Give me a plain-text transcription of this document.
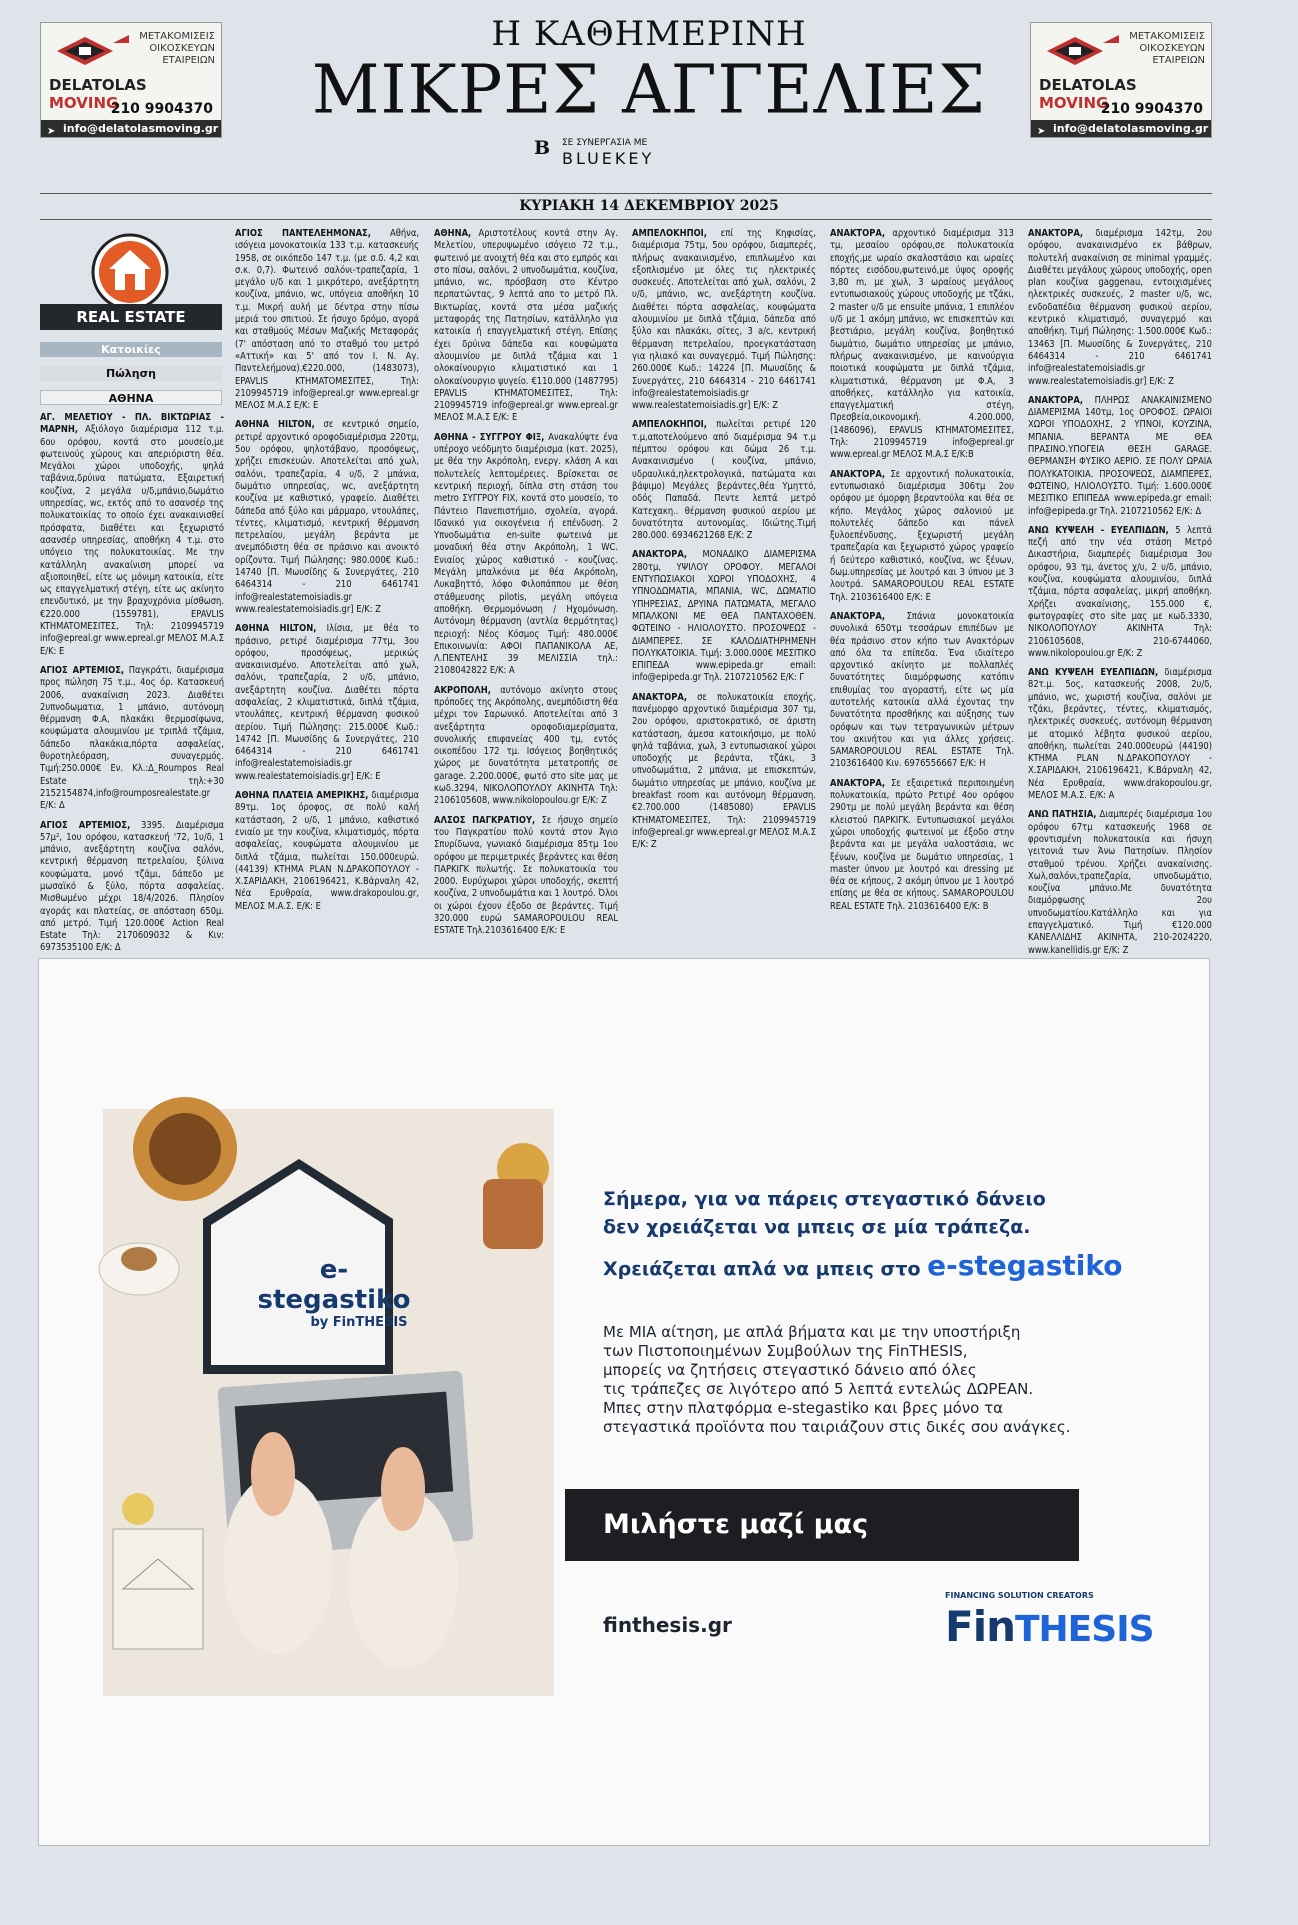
ΜΕΤΑΚΟΜΙΣΕΙΣ ΟΙΚΟΣΚΕΥΩΝ ΕΤΑΙΡΕΙΩΝ
DELATOLAS
MOVING
210 9904370
➤ info@delatolasmoving.gr
ΜΕΤΑΚΟΜΙΣΕΙΣ ΟΙΚΟΣΚΕΥΩΝ ΕΤΑΙΡΕΙΩΝ
DELATOLAS
MOVING
210 9904370
➤ info@delatolasmoving.gr
Η ΚΑΘΗΜΕΡΙΝΗ
ΜΙΚΡΕΣ ΑΓΓΕΛΙΕΣ
B ΣΕ ΣΥΝΕΡΓΑΣΙΑ ΜΕ
BLUEKEY
ΚΥΡΙΑΚΗ 14 ΔΕΚΕΜΒΡΙΟΥ 2025
REAL ESTATE
Κατοικίες
Πώληση
ΑΘΗΝΑ

ΑΓ. ΜΕΛΕΤΙΟΥ - ΠΛ. ΒΙΚΤΩΡΙΑΣ - ΜΑΡΝΗ, Αξιόλογο διαμέρισμα 112 τ.μ. 6ου ορόφου, κοντά στο μουσείο,με φωτεινούς χώρους και απεριόριστη θέα. Μεγάλοι χώροι υποδοχής, ψηλά ταβάνια,δρύινα πατώματα, Εξαιρετική κουζίνα, 2 μεγάλα υ/δ,μπάνιο,δωμάτιο υπηρεσίας, wc, εκτός από το ασανσέρ της πολυκατοικίας το οποίο έχει ανακαινισθεί πρόσφατα, διαθέτει και ξεχωριστό ασανσέρ υπηρεσίας, αποθήκη 4 τ.μ. στο υπόγειο της πολυκατοικίας. Με την κατάλληλη ανακαίνιση μπορεί να αξιοποιηθεί, είτε ως μόνιμη κατοικία, είτε ως επαγγελματική στέγη, είτε ως ακίνητο επενδυτικό, με την βραχυχρόνια μίσθωση. €220.000 (1559781), EPAVLIS KTHMATOMEΣΙΤΕΣ, Τηλ: 2109945719 info@epreal.gr www.epreal.gr ΜΕΛΟΣ Μ.Α.Σ E/K: E

ΑΓΙΟΣ ΑΡΤΕΜΙΟΣ, Παγκράτι, διαμέρισμα προς πώληση 75 τ.μ., 4ος όρ. Κατασκευή 2006, ανακαίνιση 2023. Διαθέτει 2υπνοδωματια, 1 μπάνιο, αυτόνομη θέρμανση Φ.Α, πλακάκι θερμοσίφωνα, κουφώματα αλουμινίου με τριπλά τζάμια, δάπεδο πλακάκια,πόρτα ασφαλείας, θυροτηλεόραση, συναγερμός. Τιμή:250.000€ Εν. Κλ.:Δ_Roumpos Real Estate τηλ:+30 2152154874,info@roumposrealestate.gr E/K: Δ

ΑΓΙΟΣ ΑΡΤΕΜΙΟΣ, 3395. Διαμέρισμα 57μ², 1ου ορόφου, κατασκευή '72, 1υ/δ, 1 μπάνιο, ανεξάρτητη κουζίνα σαλόνι, κεντρική θέρμανση πετρελαίου, ξύλινα κουφώματα, μονό τζάμι, δάπεδο με μωσαϊκό & ξύλο, πόρτα ασφαλείας. Μισθωμένο μέχρι 18/4/2026. Πλησίον αγοράς και πλατείας, σε απόσταση 650μ. από μετρό. Τιμή 120.000€ Action Real Estate Τηλ: 2170609032 & Κιν: 6973535100 E/K: Δ

ΑΓΙΟΣ ΠΑΝΤΕΛΕΗΜΟΝΑΣ, Αθήνα, ισόγεια μονοκατοικία 133 τ.μ. κατασκευής 1958, σε οικόπεδο 147 τ.μ. (με σ.δ. 4,2 και σ.κ. 0,7). Φωτεινό σαλόνι-τραπεζαρία, 1 μεγάλο υ/δ και 1 μικρότερο, ανεξάρτητη κουζίνα, μπάνιο, wc, υπόγεια αποθήκη 10 τ.μ. Μικρή αυλή με δέντρα στην πίσω μεριά του σπιτιού. Σε ήσυχο δρόμο, αγορά και σταθμούς Μέσων Μαζικής Μεταφοράς (7' απόσταση από το σταθμό του μετρό «Αττική» και 5' από τον Ι. Ν. Αγ. Παντελεήμονα).€220.000, (1483073), EPAVLIS KTHMATOMEΣΙΤΕΣ, Τηλ: 2109945719 info@epreal.gr www.epreal.gr ΜΕΛΟΣ Μ.Α.Σ E/K: E

ΑΘΗΝΑ HILTON, σε κεντρικό σημείο, ρετιρέ αρχοντικό οροφοδιαμέρισμα 220τμ, 5ου ορόφου, ψηλοτάβανο, προσόψεως, χρήζει επισκευών. Αποτελείται από χωλ, σαλόνι, τραπεζαρία, 4 υ/δ, 2 μπάνια, δωμάτιο υπηρεσίας, wc, ανεξάρτητη κουζίνα με καθιστικό, γραφείο. Διαθέτει δάπεδα από ξύλο και μάρμαρο, ντουλάπες, τέντες, κλιματισμό, κεντρική θέρμανση πετρελαίου, μεγάλη βεράντα με ανεμπόδιστη θέα σε πράσινο και ανοικτό ορίζοντα. Τιμή Πώλησης: 980.000€ Κωδ.: 14740 [Π. Μωυσίδης & Συνεργάτες, 210 6464314 - 210 6461741 info@realestatemoisiadis.gr www.realestatemoisiadis.gr] E/K: Z

ΑΘΗΝΑ HILTON, Ιλίσια, με θέα το πράσινο, ρετιρέ διαμέρισμα 77τμ, 3ου ορόφου, προσόψεως, μερικώς ανακαινισμένο. Αποτελείται από χωλ, σαλόνι, τραπεζαρία, 2 υ/δ, μπάνιο, ανεξάρτητη κουζίνα. Διαθέτει πόρτα ασφαλείας, 2 κλιματιστικά, διπλά τζάμια, ντουλάπες, κεντρική θέρμανση φυσικού αερίου. Τιμή Πώλησης: 215.000€ Κωδ.: 14742 [Π. Μωυσίδης & Συνεργάτες, 210 6464314 - 210 6461741 info@realestatemoisiadis.gr www.realestatemoisiadis.gr] E/K: E

ΑΘΗΝΑ ΠΛΑΤΕΙΑ ΑΜΕΡΙΚΗΣ, διαμέρισμα 89τμ. 1ος όροφος, σε πολύ καλή κατάσταση, 2 υ/δ, 1 μπάνιο, καθιστικό ενιαίο με την κουζίνα, κλιματισμός, πόρτα ασφαλείας, κουφώματα αλουμινίου με διπλά τζάμια, πωλείται 150.000ευρώ. (44139) ΚΤΗΜΑ PLAN Ν.ΔΡΑΚΟΠΟΥΛΟΥ - Χ.ΣΑΡΙΔΑΚΗ, 2106196421, Κ.Βάρναλη 42, Νέα Ερυθραία, www.drakopoulou.gr, ΜΕΛΟΣ Μ.Α.Σ. E/K: E

ΑΘΗΝΑ, Αριστοτέλους κοντά στην Αγ. Μελετίου, υπερυψωμένο ισόγειο 72 τ.μ., φωτεινό με ανοιχτή θέα και στο εμπρός και στο πίσω, σαλόνι, 2 υπνοδωμάτια, κουζίνα, μπάνιο, wc, πρόσβαση στο Κέντρο περπατώντας, 9 λεπτά απο το μετρό Πλ. Βικτωρίας, κοντά στα μέσα μαζικής μεταφοράς της Πατησίων, κατάλληλο για κατοικία ή επαγγελματική στέγη. Επίσης έχει δρύινα δάπεδα και κουφώματα αλουμινίου με διπλά τζάμια και 1 ολοκαίνουργιο κλιματιστικό και 1 ολοκαίνουργιο ψυγείο. €110.000 (1487795) EPAVLIS KTHMATOMEΣΙΤΕΣ, Τηλ: 2109945719 info@epreal.gr www.epreal.gr ΜΕΛΟΣ Μ.Α.Σ E/K: E

ΑΘΗΝΑ - ΣΥΓΓΡΟΥ ΦΙΞ, Ανακαλύψτε ένα υπέροχο νεόδμητο διαμέρισμα (κατ. 2025), με θέα την Ακρόπολη, ενεργ. κλάση Α και πολυτελείς λεπτομέρειες. Βρίσκεται σε κεντρική περιοχή, δίπλα στη στάση του metro ΣΥΓΓΡΟΥ FIX, κοντά στο μουσείο, το Πάντειο Πανεπιστήμιο, σχολεία, αγορά. Ιδανικό για οικογένεια ή επένδυση. 2 Υπνοδωμάτια en-suite φωτεινά με μοναδική θέα στην Ακρόπολη, 1 WC. Ενιαίος χώρος καθιστικό - κουζίνας. Μεγάλη μπαλκόνια με θέα Ακρόπολη, Λυκαβηττό, λόφο Φιλοπάππου με θέση στάθμευσης pilotis, μεγάλη υπόγεια αποθήκη. Θερμομόνωση / Ηχομόνωση. Αυτόνομη θέρμανση (αντλία θερμότητας) περιοχή: Νέος Κόσμος Τιμή: 480.000€ Επικοινωνία: ΑΦΟΙ ΠΑΠΑΝΙΚΟΛΑ ΑΕ, Λ.ΠΕΝΤΕΛΗΣ 39 ΜΕΛΙΣΣΙΑ τηλ.: 2108042822 E/K: A

ΑΚΡΟΠΟΛΗ, αυτόνομο ακίνητο στους πρόποδες της Ακρόπολης, ανεμπόδιστη θέα μέχρι τον Σαρωνικό. Αποτελείται από 3 ανεξάρτητα οροφοδιαμερίσματα, συνολικής επιφανείας 400 τμ, εντός οικοπέδου 172 τμ. Ισόγειος βοηθητικός χώρος με δυνατότητα μετατροπής σε garage. 2.200.000€, φωτό στο site μας με κωδ.3294, ΝΙΚΟΛΟΠΟΥΛΟΥ ΑΚΙΝΗΤΑ Τηλ: 2106105608, www.nikolopoulou.gr E/K: Z

ΑΛΣΟΣ ΠΑΓΚΡΑΤΙΟΥ, Σε ήσυχο σημείο του Παγκρατίου πολύ κοντά στον Άγιο Σπυρίδωνα, γωνιακό διαμέρισμα 85τμ 1ου ορόφου με περιμετρικές βεράντες και θέση ΠΑΡΚΙΓΚ πυλωτής. Σε πολυκατοικία του 2000. Ευρύχωροι χώροι υποδοχής, σκεπτή κουζίνα, 2 υπνοδωμάτια και 1 λουτρό. Όλοι οι χώροι έχουν έξοδο σε βεράντες. Τιμή 320.000 ευρώ SAMAROPOULOU REAL ESTATE Τηλ.2103616400 E/K: E

ΑΜΠΕΛΟΚΗΠΟΙ, επί της Κηφισίας, διαμέρισμα 75τμ, 5ου ορόφου, διαμπερές, πλήρως ανακαινισμένο, επιπλωμένο και εξοπλισμένο με όλες τις ηλεκτρικές συσκευές. Αποτελείται από χωλ, σαλόνι, 2 υ/δ, μπάνιο, wc, ανεξάρτητη κουζίνα. Διαθέτει πόρτα ασφαλείας, κουφώματα αλουμινίου με διπλά τζάμια, δάπεδα από ξύλο και πλακάκι, σίτες, 3 a/c, κεντρική θέρμανση πετρελαίου, προεγκατάσταση για ηλιακό και συναγερμό. Τιμή Πώλησης: 260.000€ Κωδ.: 14224 [Π. Μωυσίδης & Συνεργάτες, 210 6464314 - 210 6461741 info@realestatemoisiadis.gr www.realestatemoisiadis.gr] E/K: Z

ΑΜΠΕΛΟΚΗΠΟΙ, πωλείται ρετιρέ 120 τ.μ,αποτελούμενο από διαμέρισμα 94 τ.μ πέμπτου ορόφου και δώμα 26 τ.μ. Ανακαινισμένο ( κουζίνα, μπάνιο, υδραυλικά,ηλεκτρολογικά, πατώματα και βάψιμο) Μεγάλες βεράντες,θέα Υμηττό, οδός Παπαδά. Πεντε λεπτά μετρό Κατεχακη.. θέρμανση φυσικού αερίου με δυνατότητα αυτονομίας. Ιδιώτης.Τιμή 280.000. 6934621268 E/K: Z

ΑΝΑΚΤΟΡΑ, ΜΟΝΑΔΙΚΟ ΔΙΑΜΕΡΙΣΜΑ 280τμ, ΥΨΙΛΟΥ ΟΡΟΦΟΥ. ΜΕΓΑΛΟΙ ΕΝΤΥΠΩΣΙΑΚΟΙ ΧΩΡΟΙ ΥΠΟΔΟΧΗΣ, 4 ΥΠΝΟΔΩΜΑΤΙΑ, ΜΠΑΝΙΑ, WC, ΔΩΜΑΤΙΟ ΥΠΗΡΕΣΙΑΣ, ΔΡΥΙΝΑ ΠΑΤΩΜΑΤΑ, ΜΕΓΑΛΟ ΜΠΑΛΚΟΝΙ ΜΕ ΘΕΑ ΠΑΝΤΑΧΟΘΕΝ. ΦΩΤΕΙΝΟ - ΗΛΙΟΛΟΥΣΤΟ. ΠΡΟΣΟΨΕΩΣ - ΔΙΑΜΠΕΡΕΣ. ΣΕ ΚΑΛΟΔΙΑΤΗΡΗΜΕΝΗ ΠΟΛΥΚΑΤΟΙΚΙΑ. Τιμή: 3.000.000€ ΜΕΣΙΤΙΚΟ ΕΠΙΠΕΔΑ www.epipeda.gr email: info@epipeda.gr Τηλ. 2107210562 E/K: Γ

ΑΝΑΚΤΟΡΑ, σε πολυκατοικία εποχής, πανέμορφο αρχοντικό διαμέρισμα 307 τμ, 2ου ορόφου, αριστοκρατικό, σε άριστη κατάσταση, άμεσα κατοικήσιμο, με πολύ ψηλά ταβάνια, χωλ, 3 εντυπωσιακοί χώροι υποδοχής με βεράντα, τζάκι, 3 υπνοδωμάτια, 2 μπάνια, με επισκεπτών, δωμάτιο υπηρεσίας με μπάνιο, κουζίνα με breakfast room και αυτόνομη θέρμανση. €2.700.000 (1485080) EPAVLIS KTHMATOMEΣΙΤΕΣ, Τηλ: 2109945719 info@epreal.gr www.epreal.gr ΜΕΛΟΣ Μ.Α.Σ E/K: Z

ΑΝΑΚΤΟΡΑ, αρχοντικό διαμέρισμα 313 τμ, μεσαίου ορόφου,σε πολυκατοικία εποχής,με ωραίο σκαλοστάσιο και ωραίες πόρτες εισόδου,φωτεινό,με ύψος οροφής 3,80 m, με χωλ, 3 ωραίους μεγάλους εντυπωσιακούς χώρους υποδοχής με τζάκι, 2 master υ/δ με ensuite μπάνια, 1 επιπλέον υ/δ με 1 ακόμη μπάνιο, wc επισκεπτών και βεστιάριο, μεγάλη κουζίνα, βοηθητικό δωμάτιο, δωμάτιο υπηρεσίας με μπάνιο, πλήρως ανακαινισμένο, με καινούργια ποιοτικά κουφώματα με διπλά τζάμια, κλιματιστικά, θέρμανση με Φ.Α, 3 αποθήκες, κατάλληλο για κατοικία, επαγγελματική στέγη, Πρεσβεία,οικονομική. 4.200.000,(1486096), EPAVLIS KTHMATOMEΣΙΤΕΣ, Τηλ: 2109945719 info@epreal.gr www.epreal.gr ΜΕΛΟΣ Μ.Α.Σ E/K:B

ΑΝΑΚΤΟΡΑ, Σε αρχοντική πολυκατοικία, εντυπωσιακό διαμέρισμα 306τμ 2ου ορόφου με όμορφη βεραντούλα και θέα σε κήπο. Μεγάλος χώρος σαλονιού με πολυτελές δάπεδο και πάνελ ξυλοεπένδυσης, ξεχωριστή μεγάλη τραπεζαρία και ξεχωριστό χώρος γραφείο ή δεύτερο καθιστικό, κουζίνα, wc ξένων, δωμ.υπηρεσίας με λουτρό και 3 ύπνου με 3 λουτρά. SAMAROPOULOU REAL ESTATE Τηλ. 2103616400 E/K: E

ΑΝΑΚΤΟΡΑ, Σπάνια μονοκατοικία συνολικά 650τμ τεσσάρων επιπέδων με θέα πράσινο στον κήπο των Ανακτόρων από όλα τα επίπεδα. Ένα ιδιαίτερο αρχοντικό ακίνητο με πολλαπλές δυνατότητες διαμόρφωσης κατόπιν επιθυμίας του αγοραστή, είτε ως μία αυτοτελής κατοικία αλλά έχοντας την δυνατότητα προσθήκης και αύξησης των ορόφων και των τετραγωνικών μέτρων του ακινήτου και για άλλες χρήσεις. SAMAROPOULOU REAL ESTATE Τηλ. 2103616400 Κιν. 6976556667 E/K: H

ΑΝΑΚΤΟΡΑ, Σε εξαιρετικά περιποιημένη πολυκατοικία, πρώτο Ρετιρέ 4ου ορόφου 290τμ με πολύ μεγάλη βεράντα και θέση κλειστού ΠΑΡΚΙΓΚ. Εντυπωσιακοί μεγάλοι χώροι υποδοχής φωτεινοί με έξοδο στην βεράντα και με μεγάλα υαλοστάσια, wc ξένων, κουζίνα με δωμάτιο υπηρεσίας, 1 master ύπνου με λουτρό και dressing με θέα σε κήπους, 2 ακόμη ύπνου με 1 λουτρό επίσης με θέα σε κήπους. SAMAROPOULOU REAL ESTATE Τηλ. 2103616400 E/K: B

ΑΝΑΚΤΟΡΑ, διαμέρισμα 142τμ, 2ου ορόφου, ανακαινισμένο εκ βάθρων, πολυτελή ανακαίνιση σε minimal γραμμές. Διαθέτει μεγάλους χώρους υποδοχής, open plan κουζίνα gaggenau, εντοιχισμένες ηλεκτρικές συσκευές, 2 master υ/δ, wc, ενδοδαπέδια θέρμανση φυσικού αερίου, κεντρικό κλιματισμό, συναγερμό και αποθήκη. Τιμή Πώλησης: 1.500.000€ Κωδ.: 13463 [Π. Μωυσίδης & Συνεργάτες, 210 6464314 - 210 6461741 info@realestatemoisiadis.gr www.realestatemoisiadis.gr] E/K: Z

ΑΝΑΚΤΟΡΑ, ΠΛΗΡΩΣ ΑΝΑΚΑΙΝΙΣΜΕΝΟ ΔΙΑΜΕΡΙΣΜΑ 140τμ, 1ος ΟΡΟΦΟΣ. ΩΡΑΙΟΙ ΧΩΡΟΙ ΥΠΟΔΟΧΗΣ, 2 ΥΠΝΟΙ, ΚΟΥΖΙΝΑ, ΜΠΑΝΙΑ. ΒΕΡΑΝΤΑ ΜΕ ΘΕΑ ΠΡΑΣΙΝΟ.ΥΠΟΓΕΙΑ ΘΕΣΗ GARAGE. ΘΕΡΜΑΝΣΗ ΦΥΣΙΚΟ ΑΕΡΙΟ. ΣΕ ΠΟΛΥ ΩΡΑΙΑ ΠΟΛΥΚΑΤΟΙΚΙΑ. ΠΡΟΣΟΨΕΩΣ, ΔΙΑΜΠΕΡΕΣ, ΦΩΤΕΙΝΟ, ΗΛΙΟΛΟΥΣΤΟ. Τιμή: 1.600.000€ ΜΕΣΙΤΙΚΟ ΕΠΙΠΕΔΑ www.epipeda.gr email: info@epipeda.gr Τηλ. 2107210562 E/K: Δ

ΑΝΩ ΚΥΨΕΛΗ - ΕΥΕΛΠΙΔΩΝ, 5 λεπτά πεζή από την νέα στάση Μετρό Δικαστήρια, διαμπερές διαμέρισμα 3ου ορόφου, 93 τμ, άνετος χ/υ, 2 υ/δ, μπάνιο, κουζίνα, κουφώματα αλουμινίου, διπλά τζάμια, πόρτα ασφαλείας, μικρή αποθήκη. Χρήζει ανακαίνισης, 155.000 €, φωτογραφίες στο site μας με κωδ.3330, ΝΙΚΟΛΟΠΟΥΛΟΥ ΑΚΙΝΗΤΑ Τηλ: 2106105608, 210-6744060, www.nikolopoulou.gr E/K: Z

ΑΝΩ ΚΥΨΕΛΗ ΕΥΕΛΠΙΔΩΝ, διαμέρισμα 82τ.μ. 5ος, κατασκευής 2008, 2υ/δ, μπάνιο, wc, χωριστή κουζίνα, σαλόνι με τζάκι, βεράντες, τέντες, κλιματισμός, ηλεκτρικές συσκευές, αυτόνομη θέρμανση με ατομικό λέβητα φυσικού αερίου, αποθήκη, πωλείται 240.000ευρώ (44190) ΚΤΗΜΑ PLAN Ν.ΔΡΑΚΟΠΟΥΛΟΥ - Χ.ΣΑΡΙΔΑΚΗ, 2106196421, Κ.Βάρναλη 42, Νέα Ερυθραία, www.drakopoulou.gr, ΜΕΛΟΣ Μ.Α.Σ. E/K: A

ΑΝΩ ΠΑΤΗΣΙΑ, Διαμπερές διαμέρισμα 1ου ορόφου 67τμ κατασκευής 1968 σε φροντισμένη πολυκατοικία και ήσυχη γειτονιά των Άνω Πατησίων. Πλησίον σταθμού τρένου. Χρήζει ανακαίνισης. Χωλ,σαλόνι,τραπεζαρία, υπνοδωμάτιο, κουζίνα μπάνιο.Με δυνατότητα διαμόρφωσης 2ου υπνοδωματίου.Κατάλληλο και για επαγγελματικό. Τιμή €120.000 ΚΑΝΕΛΛΙΔΗΣ ΑΚΙΝΗΤΑ, 210-2024220, www.kanellidis.gr E/K: Z

e-stegastiko
by FinTHESIS
Σήμερα, για να πάρεις στεγαστικό δάνειο
δεν χρειάζεται να μπεις σε μία τράπεζα.
Χρειάζεται απλά να μπεις στο e-stegastiko
Με ΜΙΑ αίτηση, με απλά βήματα και με την υποστήριξη
των Πιστοποιημένων Συμβούλων της FinTHESIS,
μπορείς να ζητήσεις στεγαστικό δάνειο από όλες
τις τράπεζες σε λιγότερο από 5 λεπτά εντελώς ΔΩΡΕΑΝ.
Μπες στην πλατφόρμα e-stegastiko και βρες μόνο τα
στεγαστικά προϊόντα που ταιριάζουν στις δικές σου ανάγκες.
Μιλήστε μαζί μας
finthesis.gr
FINANCING SOLUTION CREATORS
FinTHESIS
